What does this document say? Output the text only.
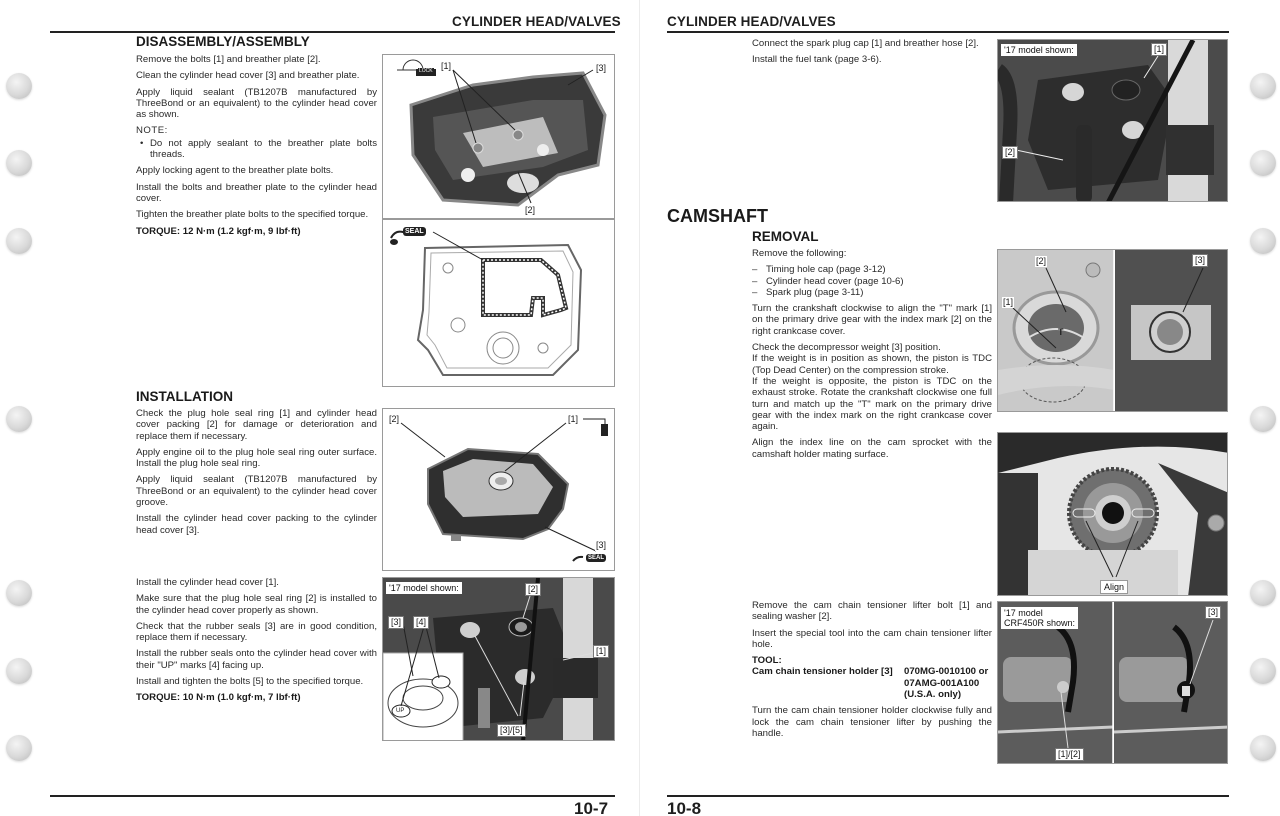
CYLINDER HEAD/VALVES
DISASSEMBLY/ASSEMBLY

Remove the bolts [1] and breather plate [2].

Clean the cylinder head cover [3] and breather plate.

Apply liquid sealant (TB1207B manufactured by ThreeBond or an equivalent) to the cylinder head cover as shown.

NOTE:

• Do not apply sealant to the breather plate bolts threads.

Apply locking agent to the breather plate bolts.

Install the bolts and breather plate to the cylinder head cover.

Tighten the breather plate bolts to the specified torque.

TORQUE: 12 N·m (1.2 kgf·m, 9 lbf·ft)

LOCK [1]	[3]
[2]
SEAL
INSTALLATION

Check the plug hole seal ring [1] and cylinder head cover packing [2] for damage or deterioration and replace them if necessary.

Apply engine oil to the plug hole seal ring outer surface. Install the plug hole seal ring.

Apply liquid sealant (TB1207B manufactured by ThreeBond or an equivalent) to the cylinder head cover groove.

Install the cylinder head cover packing to the cylinder head cover [3].

[2]	[1]
[3]
SEAL

Install the cylinder head cover [1].

Make sure that the plug hole seal ring [2] is installed to the cylinder head cover properly as shown.

Check that the rubber seals [3] are in good condition, replace them if necessary.

Install the rubber seals onto the cylinder head cover with their "UP" marks [4] facing up.

Install and tighten the bolts [5] to the specified torque.

TORQUE: 10 N·m (1.0 kgf·m, 7 lbf·ft)

'17 model shown:	[2]
[3]	[4]
[1]
[3]/[5]
UP
10-7
CYLINDER HEAD/VALVES

Connect the spark plug cap [1] and breather hose [2].

Install the fuel tank (page 3-6).

'17 model shown:	[1]
[2]
CAMSHAFT
REMOVAL

Remove the following:

– Timing hole cap (page 3-12)
– Cylinder head cover (page 10-6)
– Spark plug (page 3-11)

Turn the crankshaft clockwise to align the "T" mark [1] on the primary drive gear with the index mark [2] on the right crankcase cover.

Check the decompressor weight [3] position.

If the weight is in position as shown, the piston is TDC (Top Dead Center) on the compression stroke.

If the weight is opposite, the piston is TDC on the exhaust stroke. Rotate the crankshaft clockwise one full turn and match up the "T" mark on the primary drive gear with the index mark on the right crankcase cover again.

Align the index line on the cam sprocket with the camshaft holder mating surface.

T
[2]
[1]
[3]
Align

Remove the cam chain tensioner lifter bolt [1] and sealing washer [2].

Insert the special tool into the cam chain tensioner lifter hole.

TOOL:

Cam chain tensioner holder [3]	070MG-0010100 or 07AMG-001A100 (U.S.A. only)

Turn the cam chain tensioner holder clockwise fully and lock the cam chain tensioner lifter by pushing the handle.

'17 model
CRF450R shown:
[3]
[1]/[2]
10-8
